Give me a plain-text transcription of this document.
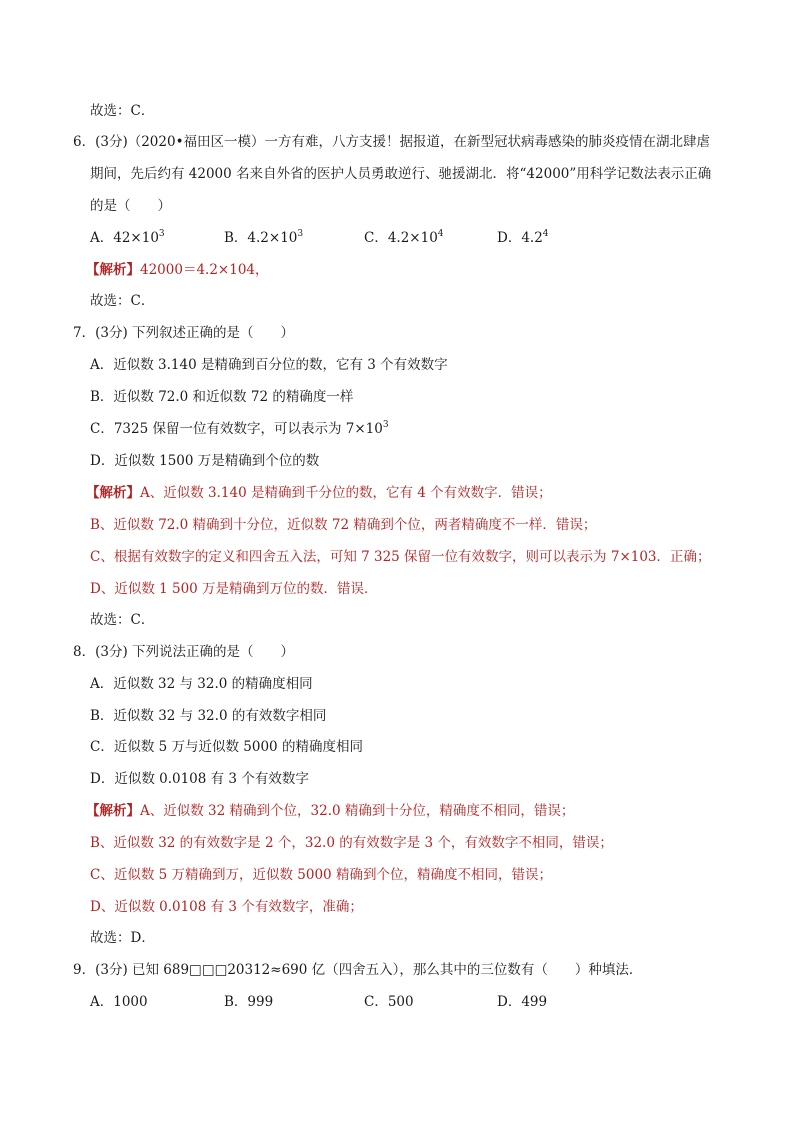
故选：C．
6．(3分)（2020•福田区一模）一方有难，八方支援！据报道，在新型冠状病毒感染的肺炎疫情在湖北肆虐
期间，先后约有 42000 名来自外省的医护人员勇敢逆行、驰援湖北．将“42000”用科学记数法表示正确
的是（　　）
A．$42\times 10^3$	B．$4.2\times 10^3$	C．$4.2\times 10^4$	D．$4.2^4$
【解析】42000＝4.2×104，
故选：C．
7．(3分) 下列叙述正确的是（　　）
A．近似数 3.140 是精确到百分位的数，它有 3 个有效数字
B．近似数 72.0 和近似数 72 的精确度一样
C．7325 保留一位有效数字，可以表示为 $7\times 10^3$
D．近似数 1500 万是精确到个位的数
【解析】A、近似数 3.140 是精确到千分位的数，它有 4 个有效数字．错误；
B、近似数 72.0 精确到十分位，近似数 72 精确到个位，两者精确度不一样．错误；
C、根据有效数字的定义和四舍五入法，可知 7 325 保留一位有效数字，则可以表示为 7×103．正确；
D、近似数 1 500 万是精确到万位的数．错误．
故选：C．
8．(3分) 下列说法正确的是（　　）
A．近似数 32 与 32.0 的精确度相同
B．近似数 32 与 32.0 的有效数字相同
C．近似数 5 万与近似数 5000 的精确度相同
D．近似数 0.0108 有 3 个有效数字
【解析】A、近似数 32 精确到个位，32.0 精确到十分位，精确度不相同，错误；
B、近似数 32 的有效数字是 2 个，32.0 的有效数字是 3 个，有效数字不相同，错误；
C、近似数 5 万精确到万，近似数 5000 精确到个位，精确度不相同，错误；
D、近似数 0.0108 有 3 个有效数字，准确；
故选：D．
9．(3分) 已知 689□□□20312≈690 亿（四舍五入），那么其中的三位数有（　　）种填法．
A．1000	B．999	C．500	D．499
